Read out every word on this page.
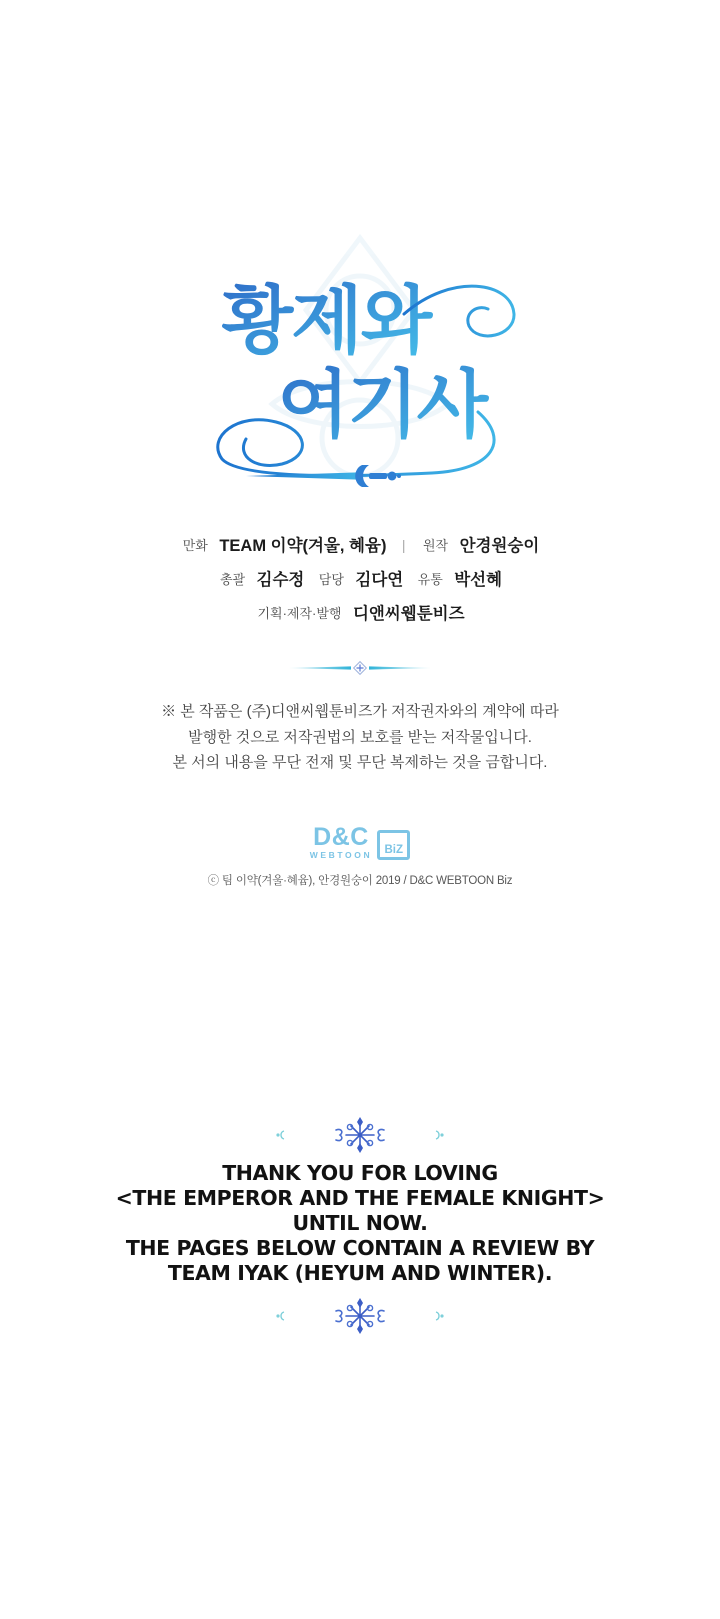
황제와
여기사
만화 TEAM 이약(겨울, 혜윰) | 원작 안경원숭이
총괄 김수정 담당 김다연 유통 박선혜
기획·제작·발행 디앤씨웹툰비즈
※ 본 작품은 (주)디앤씨웹툰비즈가 저작권자와의 계약에 따라
발행한 것으로 저작권법의 보호를 받는 저작물입니다.
본 서의 내용을 무단 전재 및 무단 복제하는 것을 금합니다.
D&C
WEBTOON BiZ
ⓒ 팀 이약(겨울·혜윰), 안경원숭이 2019 / D&C WEBTOON Biz
THANK YOU FOR LOVING
<THE EMPEROR AND THE FEMALE KNIGHT>
UNTIL NOW.
THE PAGES BELOW CONTAIN A REVIEW BY
TEAM IYAK (HEYUM AND WINTER).
